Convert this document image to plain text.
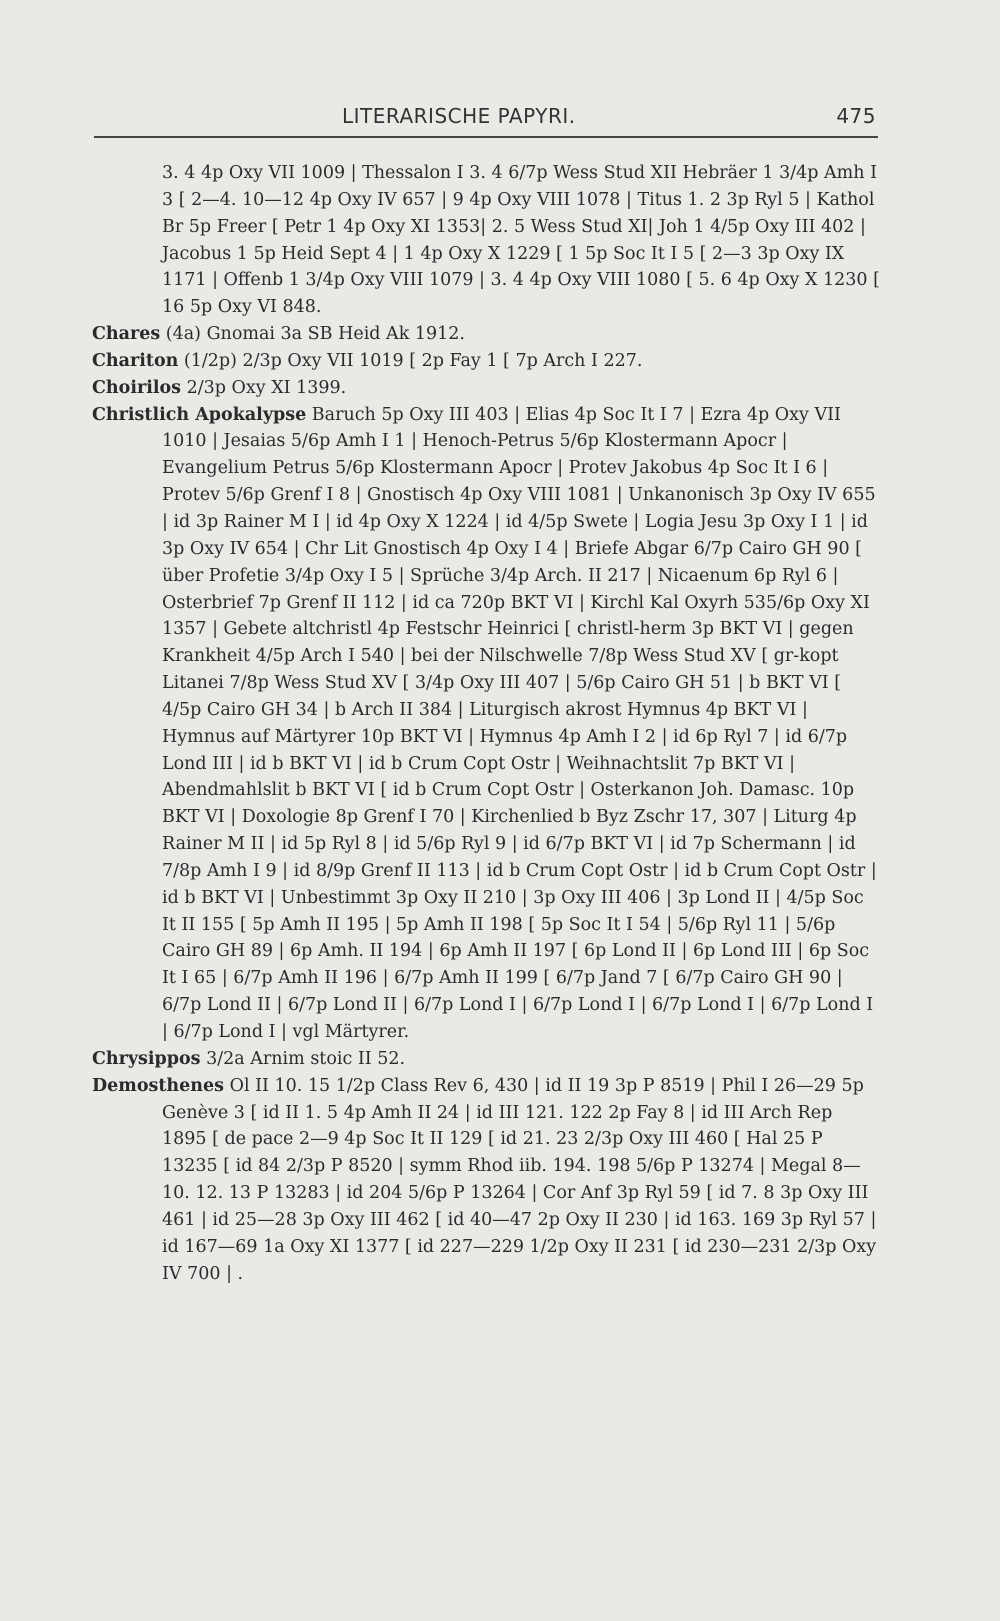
LITERARISCHE PAPYRI.	475

3. 4 4p Oxy VII 1009 | Thessalon I 3. 4 6/7p Wess Stud XII Hebräer 1 3/4p Amh I 3 [ 2—4. 10—12 4p Oxy IV 657 | 9 4p Oxy VIII 1078 | Titus 1. 2 3p Ryl 5 | Kathol Br 5p Freer [ Petr 1 4p Oxy XI 1353| 2. 5 Wess Stud XI| Joh 1 4/5p Oxy III 402 | Jacobus 1 5p Heid Sept 4 | 1 4p Oxy X 1229 [ 1 5p Soc It I 5 [ 2—3 3p Oxy IX 1171 | Offenb 1 3/4p Oxy VIII 1079 | 3. 4 4p Oxy VIII 1080 [ 5. 6 4p Oxy X 1230 [ 16 5p Oxy VI 848.

Chares (4a) Gnomai 3a SB Heid Ak 1912.

Chariton (1/2p) 2/3p Oxy VII 1019 [ 2p Fay 1 [ 7p Arch I 227.

Choirilos 2/3p Oxy XI 1399.

Christlich Apokalypse Baruch 5p Oxy III 403 | Elias 4p Soc It I 7 | Ezra 4p Oxy VII 1010 | Jesaias 5/6p Amh I 1 | Henoch-Petrus 5/6p Klostermann Apocr | Evangelium Petrus 5/6p Klostermann Apocr | Protev Jakobus 4p Soc It I 6 | Protev 5/6p Grenf I 8 | Gnostisch 4p Oxy VIII 1081 | Unkanonisch 3p Oxy IV 655 | id 3p Rainer M I | id 4p Oxy X 1224 | id 4/5p Swete | Logia Jesu 3p Oxy I 1 | id 3p Oxy IV 654 | Chr Lit Gnostisch 4p Oxy I 4 | Briefe Abgar 6/7p Cairo GH 90 [ über Profetie 3/4p Oxy I 5 | Sprüche 3/4p Arch. II 217 | Nicaenum 6p Ryl 6 | Osterbrief 7p Grenf II 112 | id ca 720p BKT VI | Kirchl Kal Oxyrh 535/6p Oxy XI 1357 | Gebete altchristl 4p Festschr Heinrici [ christl-herm 3p BKT VI | gegen Krankheit 4/5p Arch I 540 | bei der Nilschwelle 7/8p Wess Stud XV [ gr-kopt Litanei 7/8p Wess Stud XV [ 3/4p Oxy III 407 | 5/6p Cairo GH 51 | b BKT VI [ 4/5p Cairo GH 34 | b Arch II 384 | Liturgisch akrost Hymnus 4p BKT VI | Hymnus auf Märtyrer 10p BKT VI | Hymnus 4p Amh I 2 | id 6p Ryl 7 | id 6/7p Lond III | id b BKT VI | id b Crum Copt Ostr | Weihnachtslit 7p BKT VI | Abendmahlslit b BKT VI [ id b Crum Copt Ostr | Osterkanon Joh. Damasc. 10p BKT VI | Doxologie 8p Grenf I 70 | Kirchenlied b Byz Zschr 17, 307 | Liturg 4p Rainer M II | id 5p Ryl 8 | id 5/6p Ryl 9 | id 6/7p BKT VI | id 7p Schermann | id 7/8p Amh I 9 | id 8/9p Grenf II 113 | id b Crum Copt Ostr | id b Crum Copt Ostr | id b BKT VI | Unbestimmt 3p Oxy II 210 | 3p Oxy III 406 | 3p Lond II | 4/5p Soc It II 155 [ 5p Amh II 195 | 5p Amh II 198 [ 5p Soc It I 54 | 5/6p Ryl 11 | 5/6p Cairo GH 89 | 6p Amh. II 194 | 6p Amh II 197 [ 6p Lond II | 6p Lond III | 6p Soc It I 65 | 6/7p Amh II 196 | 6/7p Amh II 199 [ 6/7p Jand 7 [ 6/7p Cairo GH 90 | 6/7p Lond II | 6/7p Lond II | 6/7p Lond I | 6/7p Lond I | 6/7p Lond I | 6/7p Lond I | 6/7p Lond I | vgl Märtyrer.

Chrysippos 3/2a Arnim stoic II 52.

Demosthenes Ol II 10. 15 1/2p Class Rev 6, 430 | id II 19 3p P 8519 | Phil I 26—29 5p Genève 3 [ id II 1. 5 4p Amh II 24 | id III 121. 122 2p Fay 8 | id III Arch Rep 1895 [ de pace 2—9 4p Soc It II 129 [ id 21. 23 2/3p Oxy III 460 [ Hal 25 P 13235 [ id 84 2/3p P 8520 | symm Rhod iib. 194. 198 5/6p P 13274 | Megal 8—10. 12. 13 P 13283 | id 204 5/6p P 13264 | Cor Anf 3p Ryl 59 [ id 7. 8 3p Oxy III 461 | id 25—28 3p Oxy III 462 [ id 40—47 2p Oxy II 230 | id 163. 169 3p Ryl 57 | id 167—69 1a Oxy XI 1377 [ id 227—229 1/2p Oxy II 231 [ id 230—231 2/3p Oxy IV 700 | .
